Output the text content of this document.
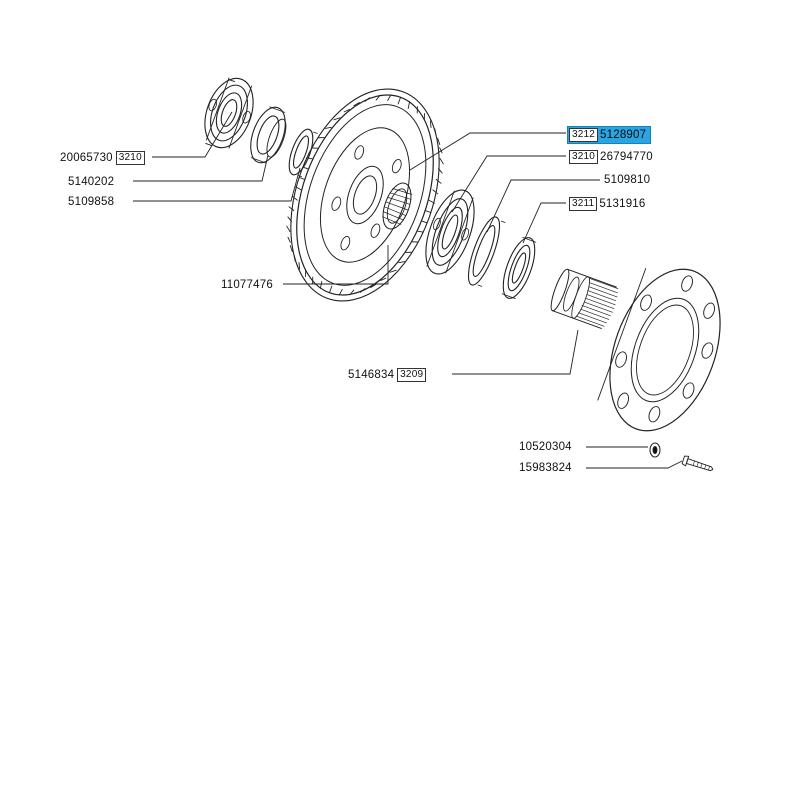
20065730 3210
5140202
5109858
11077476
5146834 3209
3212 5128907
3210 26794770
5109810
3211 5131916
10520304
15983824
